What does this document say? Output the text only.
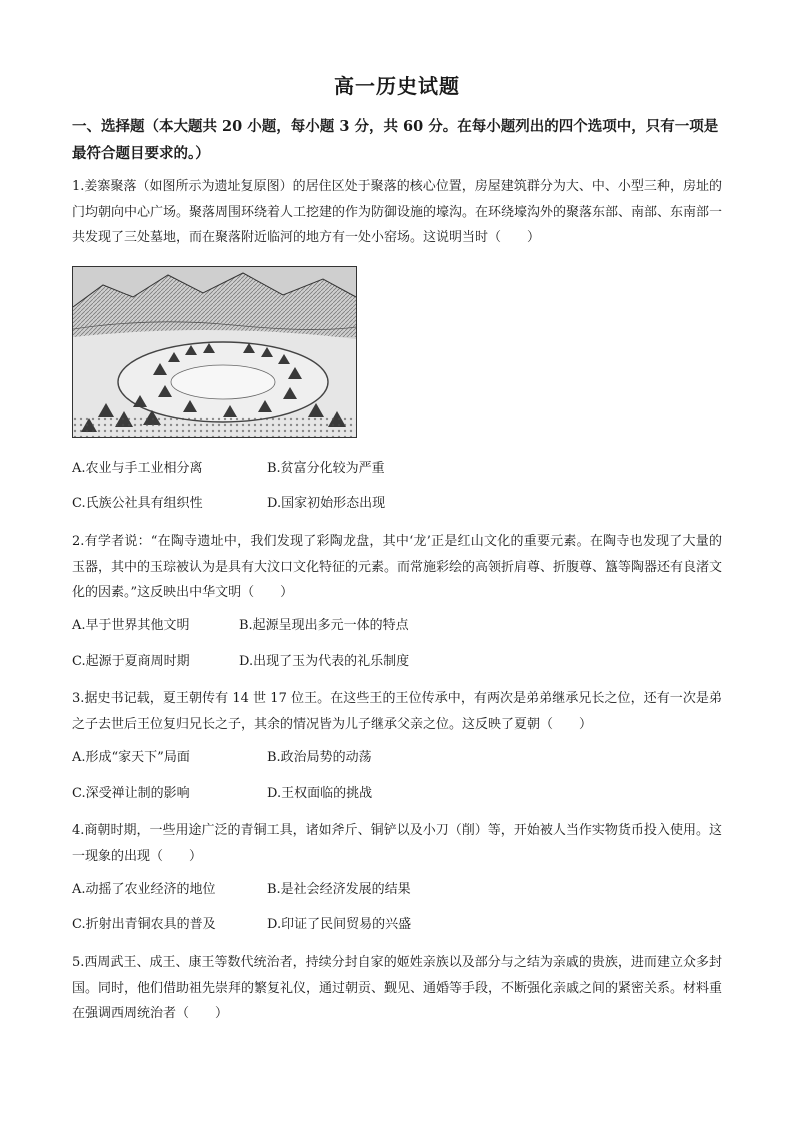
高一历史试题
一、选择题（本大题共 20 小题，每小题 3 分，共 60 分。在每小题列出的四个选项中，只有一项是最符合题目要求的。）
1.姜寨聚落（如图所示为遗址复原图）的居住区处于聚落的核心位置，房屋建筑群分为大、中、小型三种，房址的门均朝向中心广场。聚落周围环绕着人工挖建的作为防御设施的壕沟。在环绕壕沟外的聚落东部、南部、东南部一共发现了三处墓地，而在聚落附近临河的地方有一处小窑场。这说明当时（　　）
A.农业与手工业相分离	B.贫富分化较为严重
C.氏族公社具有组织性	D.国家初始形态出现
2.有学者说：“在陶寺遗址中，我们发现了彩陶龙盘，其中‘龙’正是红山文化的重要元素。在陶寺也发现了大量的玉器，其中的玉琮被认为是具有大汶口文化特征的元素。而常施彩绘的高领折肩尊、折腹尊、簋等陶器还有良渚文化的因素。”这反映出中华文明（　　）
A.早于世界其他文明	B.起源呈现出多元一体的特点
C.起源于夏商周时期	D.出现了玉为代表的礼乐制度
3.据史书记载，夏王朝传有 14 世 17 位王。在这些王的王位传承中，有两次是弟弟继承兄长之位，还有一次是弟之子去世后王位复归兄长之子，其余的情况皆为儿子继承父亲之位。这反映了夏朝（　　）
A.形成“家天下”局面	B.政治局势的动荡
C.深受禅让制的影响	D.王权面临的挑战
4.商朝时期，一些用途广泛的青铜工具，诸如斧斤、铜铲以及小刀（削）等，开始被人当作实物货币投入使用。这一现象的出现（　　）
A.动摇了农业经济的地位	B.是社会经济发展的结果
C.折射出青铜农具的普及	D.印证了民间贸易的兴盛
5.西周武王、成王、康王等数代统治者，持续分封自家的姬姓亲族以及部分与之结为亲戚的贵族，进而建立众多封国。同时，他们借助祖先崇拜的繁复礼仪，通过朝贡、觐见、通婚等手段，不断强化亲戚之间的紧密关系。材料重在强调西周统治者（　　）
